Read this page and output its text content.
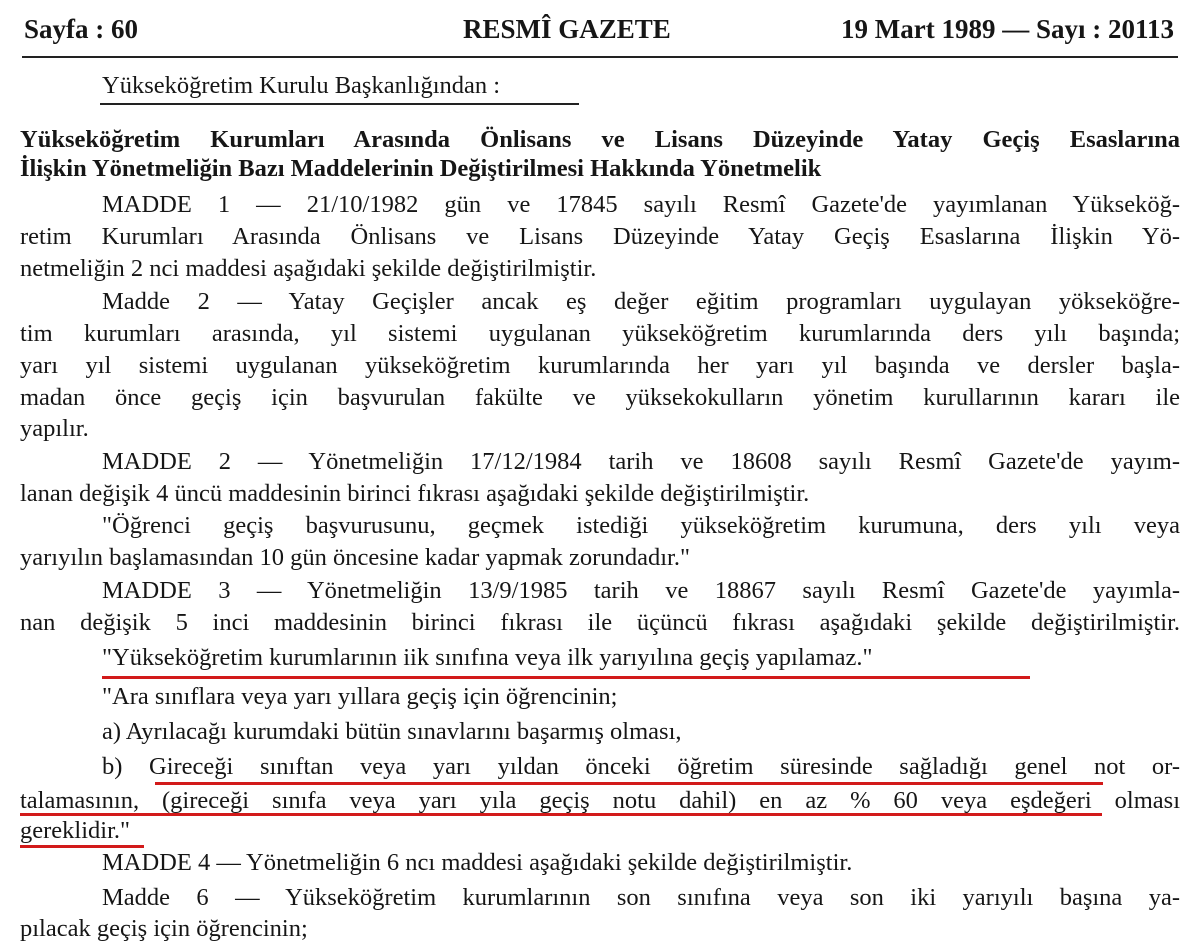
Sayfa : 60	RESMÎ GAZETE	19 Mart 1989 — Sayı : 20113
Yükseköğretim Kurulu Başkanlığından :
Yükseköğretim Kurumları Arasında Önlisans ve Lisans Düzeyinde Yatay Geçiş Esaslarına
İlişkin Yönetmeliğin Bazı Maddelerinin Değiştirilmesi Hakkında Yönetmelik
MADDE 1 — 21/10/1982 gün ve 17845 sayılı Resmî Gazete'de yayımlanan Yükseköğ-
retim Kurumları Arasında Önlisans ve Lisans Düzeyinde Yatay Geçiş Esaslarına İlişkin Yö-
netmeliğin 2 nci maddesi aşağıdaki şekilde değiştirilmiştir.
Madde 2 — Yatay Geçişler ancak eş değer eğitim programları uygulayan yökseköğre-
tim kurumları arasında, yıl sistemi uygulanan yükseköğretim kurumlarında ders yılı başında;
yarı yıl sistemi uygulanan yükseköğretim kurumlarında her yarı yıl başında ve dersler başla-
madan önce geçiş için başvurulan fakülte ve yüksekokulların yönetim kurullarının kararı ile
yapılır.
MADDE 2 — Yönetmeliğin 17/12/1984 tarih ve 18608 sayılı Resmî Gazete'de yayım-
lanan değişik 4 üncü maddesinin birinci fıkrası aşağıdaki şekilde değiştirilmiştir.
"Öğrenci geçiş başvurusunu, geçmek istediği yükseköğretim kurumuna, ders yılı veya
yarıyılın başlamasından 10 gün öncesine kadar yapmak zorundadır."
MADDE 3 — Yönetmeliğin 13/9/1985 tarih ve 18867 sayılı Resmî Gazete'de yayımla-
nan değişik 5 inci maddesinin birinci fıkrası ile üçüncü fıkrası aşağıdaki şekilde değiştirilmiştir.
"Yükseköğretim kurumlarının iik sınıfına veya ilk yarıyılına geçiş yapılamaz."
"Ara sınıflara veya yarı yıllara geçiş için öğrencinin;
a) Ayrılacağı kurumdaki bütün sınavlarını başarmış olması,
b) Gireceği sınıftan veya yarı yıldan önceki öğretim süresinde sağladığı genel not or-
talamasının, (gireceği sınıfa veya yarı yıla geçiş notu dahil) en az % 60 veya eşdeğeri olması
gereklidir."
MADDE 4 — Yönetmeliğin 6 ncı maddesi aşağıdaki şekilde değiştirilmiştir.
Madde 6 — Yükseköğretim kurumlarının son sınıfına veya son iki yarıyılı başına ya-
pılacak geçiş için öğrencinin;
